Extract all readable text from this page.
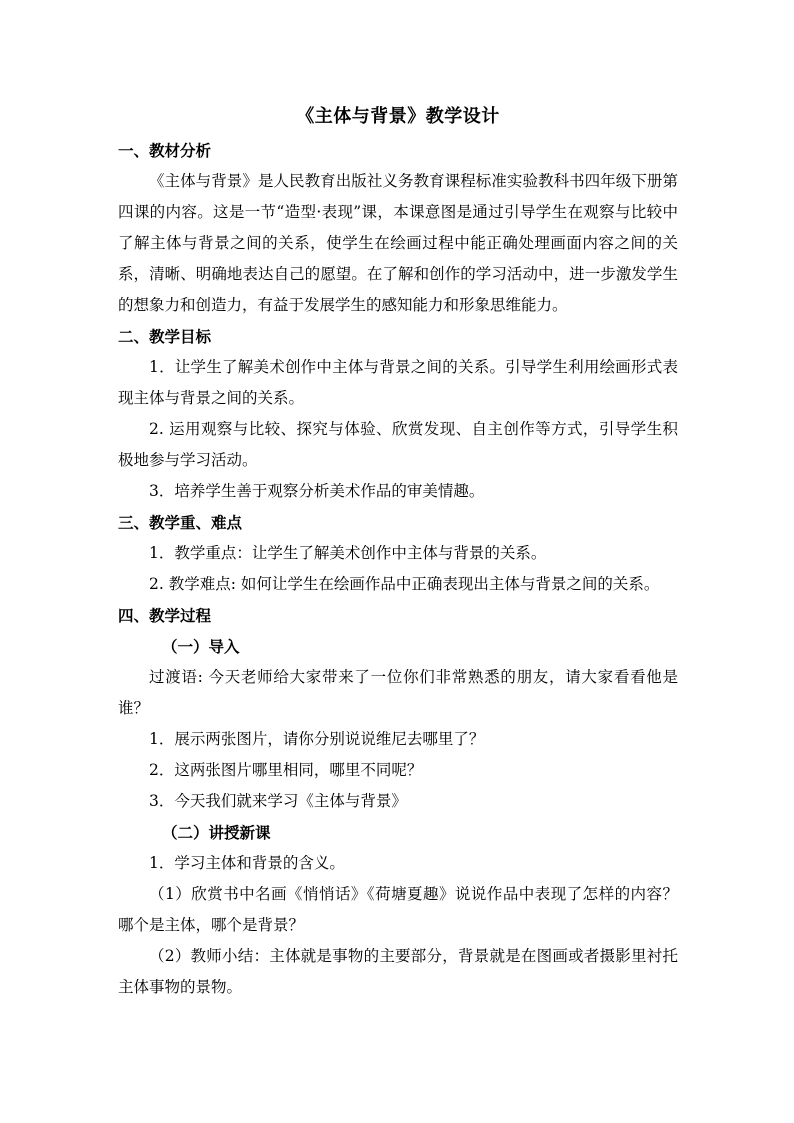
《主体与背景》教学设计
一、教材分析

《主体与背景》是人民教育出版社义务教育课程标准实验教科书四年级下册第四课的内容。这是一节“造型·表现”课，本课意图是通过引导学生在观察与比较中了解主体与背景之间的关系，使学生在绘画过程中能正确处理画面内容之间的关系，清晰、明确地表达自己的愿望。在了解和创作的学习活动中，进一步激发学生的想象力和创造力，有益于发展学生的感知能力和形象思维能力。

二、教学目标

1．让学生了解美术创作中主体与背景之间的关系。引导学生利用绘画形式表现主体与背景之间的关系。

2. 运用观察与比较、探究与体验、欣赏发现、自主创作等方式，引导学生积极地参与学习活动。

3．培养学生善于观察分析美术作品的审美情趣。

三、教学重、难点

1．教学重点：让学生了解美术创作中主体与背景的关系。

2. 教学难点: 如何让学生在绘画作品中正确表现出主体与背景之间的关系。

四、教学过程
（一）导入

过渡语: 今天老师给大家带来了一位你们非常熟悉的朋友，请大家看看他是谁？

1．展示两张图片，请你分别说说维尼去哪里了？

2．这两张图片哪里相同，哪里不同呢？

3．今天我们就来学习《主体与背景》

（二）讲授新课

1．学习主体和背景的含义。

（1）欣赏书中名画《悄悄话》《荷塘夏趣》说说作品中表现了怎样的内容？哪个是主体，哪个是背景？

（2）教师小结：主体就是事物的主要部分，背景就是在图画或者摄影里衬托主体事物的景物。
